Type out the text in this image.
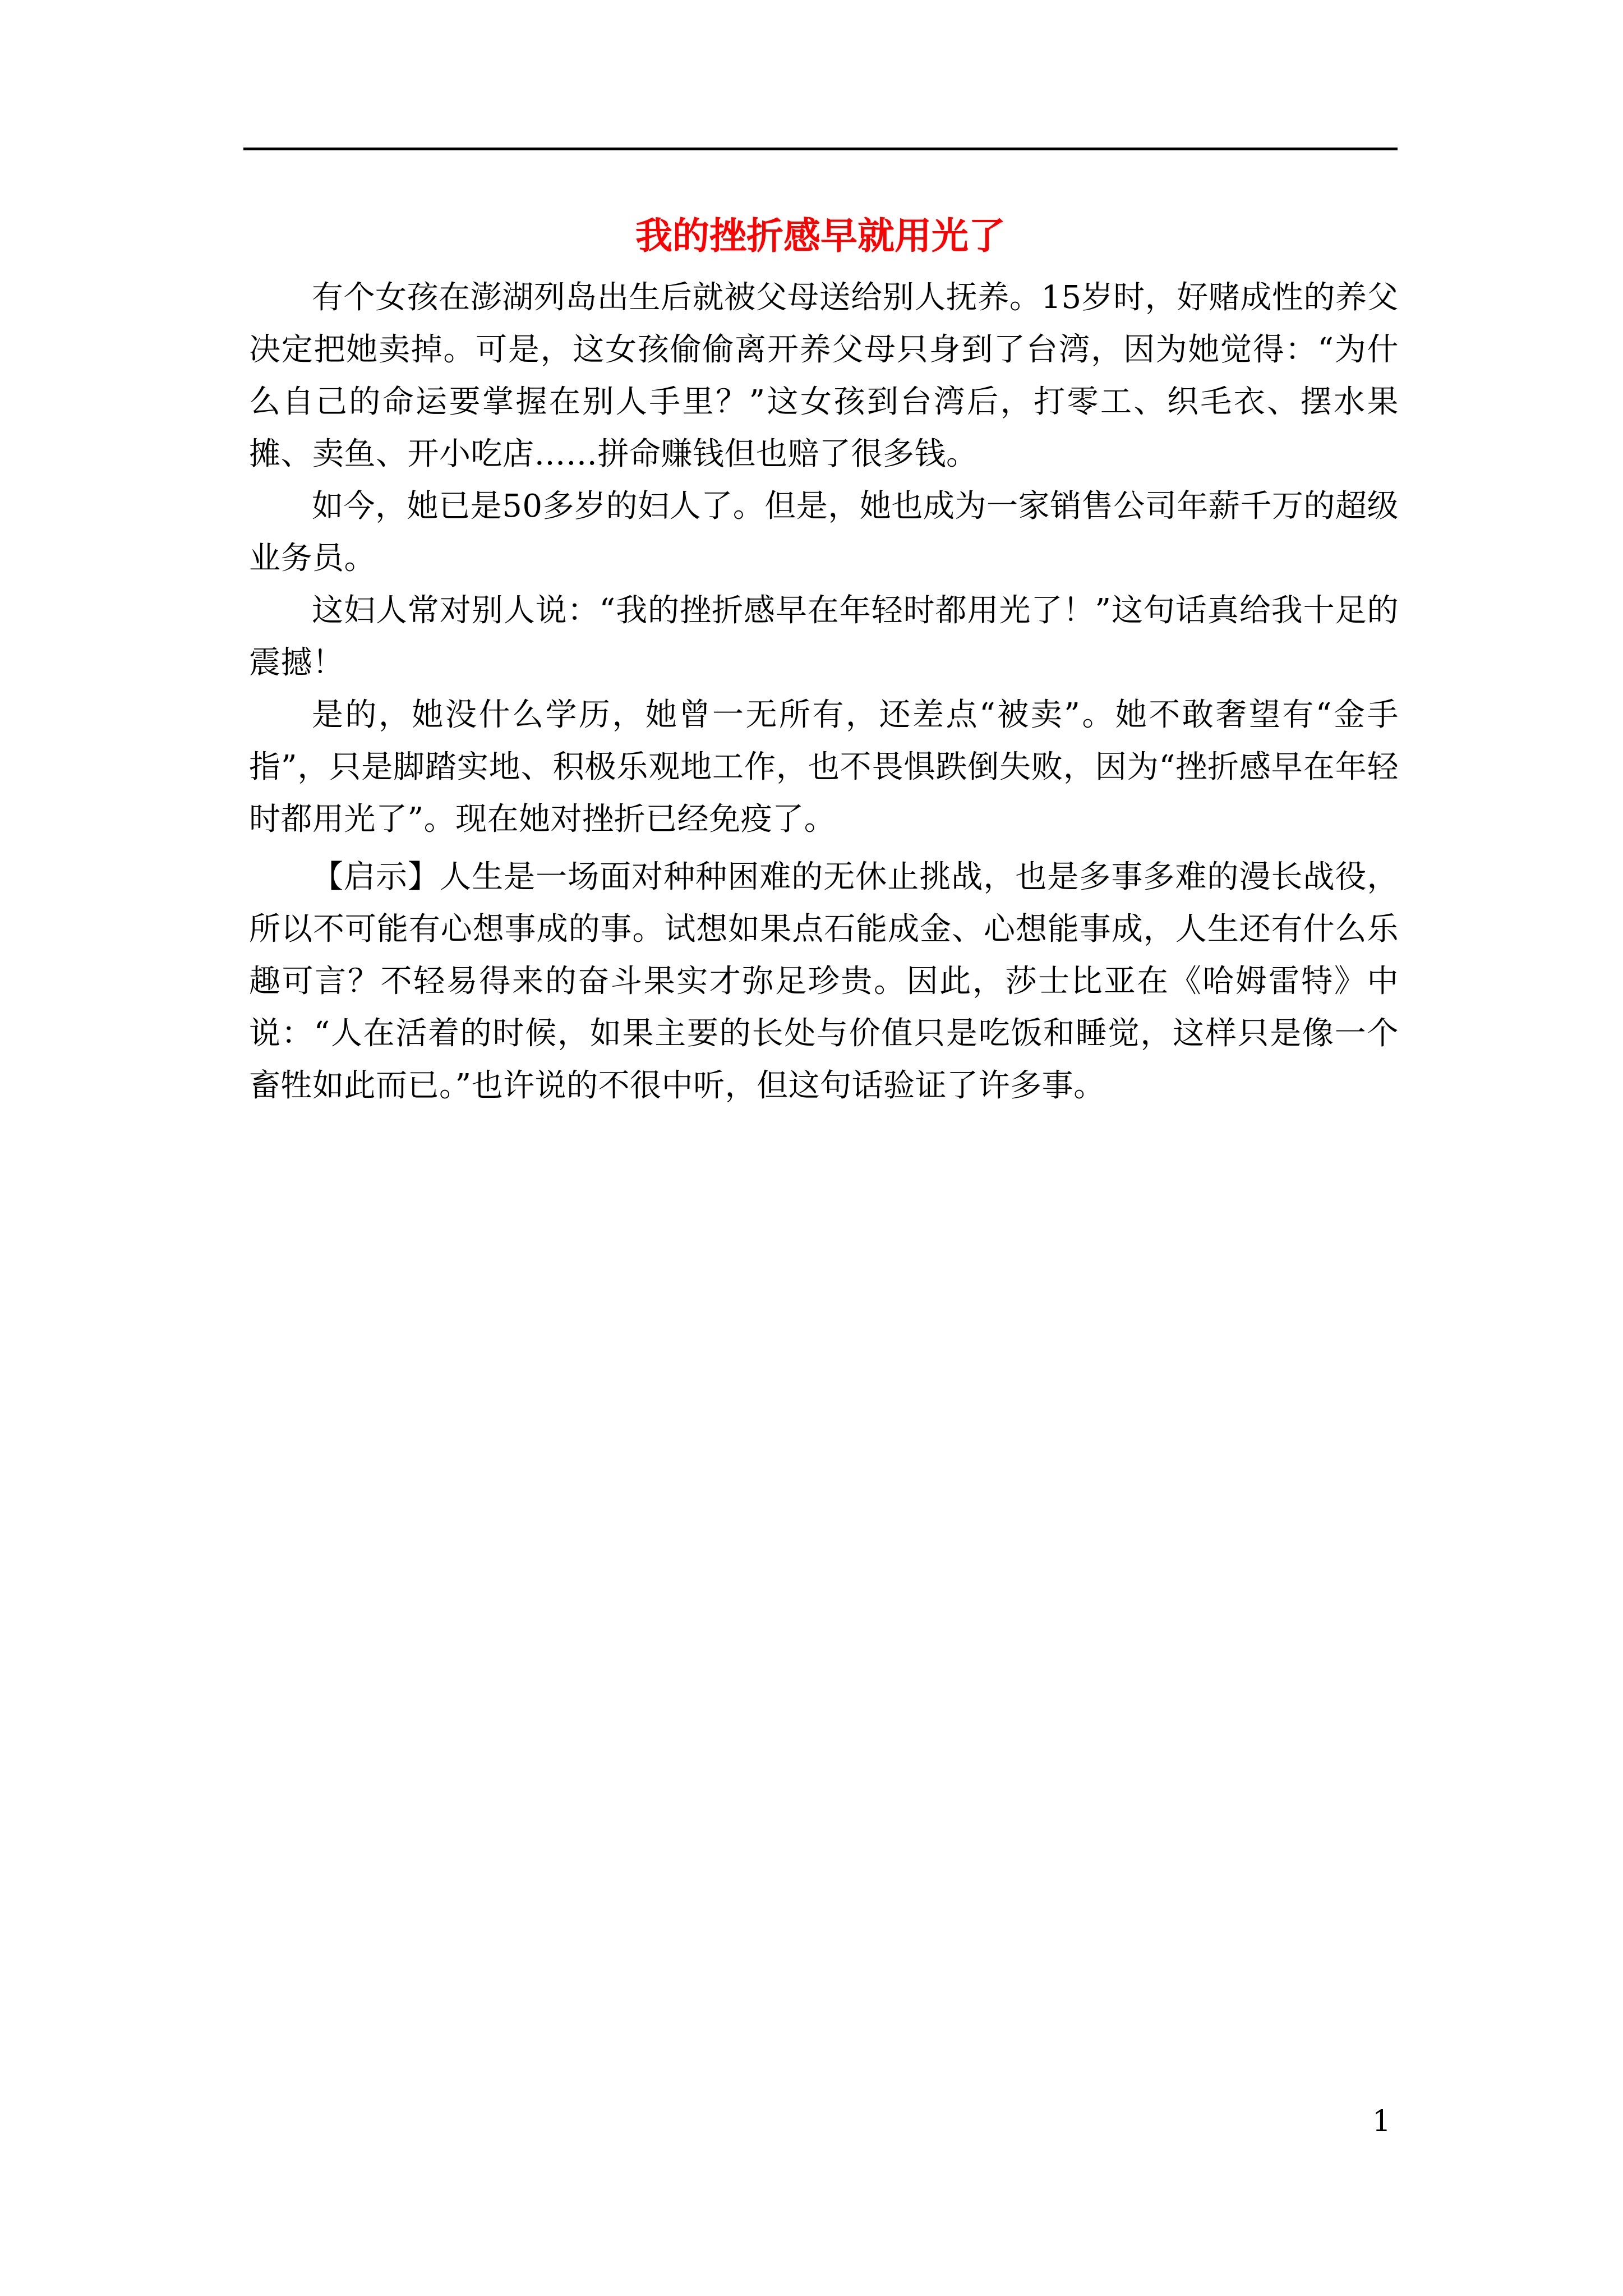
我的挫折感早就用光了

有个女孩在澎湖列岛出生后就被父母送给别人抚养。15岁时，好赌成性的养父决定把她卖掉。可是，这女孩偷偷离开养父母只身到了台湾，因为她觉得：“为什么自己的命运要掌握在别人手里？”这女孩到台湾后，打零工、织毛衣、摆水果摊、卖鱼、开小吃店……拼命赚钱但也赔了很多钱。

如今，她已是50多岁的妇人了。但是，她也成为一家销售公司年薪千万的超级业务员。

这妇人常对别人说：“我的挫折感早在年轻时都用光了！”这句话真给我十足的震撼！

是的，她没什么学历，她曾一无所有，还差点“被卖”。她不敢奢望有“金手指”，只是脚踏实地、积极乐观地工作，也不畏惧跌倒失败，因为“挫折感早在年轻时都用光了”。现在她对挫折已经免疫了。

【启示】人生是一场面对种种困难的无休止挑战，也是多事多难的漫长战役，所以不可能有心想事成的事。试想如果点石能成金、心想能事成，人生还有什么乐趣可言？不轻易得来的奋斗果实才弥足珍贵。因此，莎士比亚在《哈姆雷特》中说：“人在活着的时候，如果主要的长处与价值只是吃饭和睡觉，这样只是像一个畜牲如此而已。”也许说的不很中听，但这句话验证了许多事。

1
